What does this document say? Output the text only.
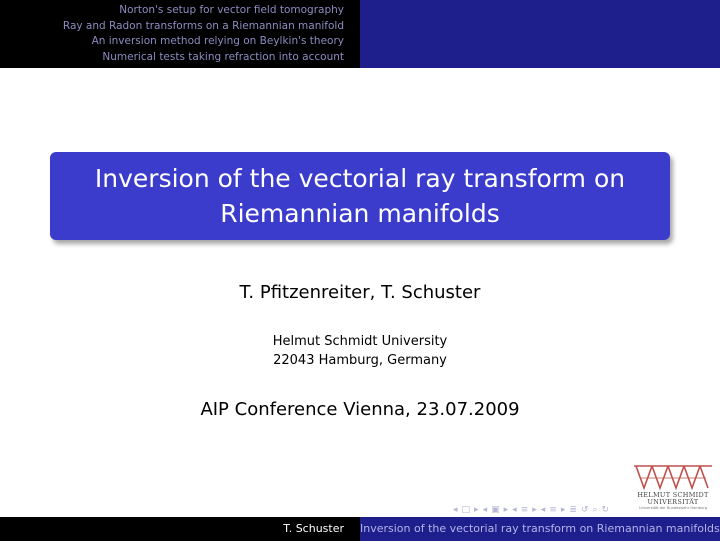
Norton's setup for vector field tomography
Ray and Radon transforms on a Riemannian manifold
An inversion method relying on Beylkin's theory
Numerical tests taking refraction into account
Inversion of the vectorial ray transform on
Riemannian manifolds
T. Pfitzenreiter, T. Schuster
Helmut Schmidt University
22043 Hamburg, Germany
AIP Conference Vienna, 23.07.2009
HELMUT SCHMIDT
UNIVERSITÄT
Universität der Bundeswehr Hamburg
◂ □ ▸ ◂ ▣ ▸ ◂ ≡ ▸ ◂ ≡ ▸ ≣ ↺ ⌕ ↻
T. Schuster	Inversion of the vectorial ray transform on Riemannian manifolds
